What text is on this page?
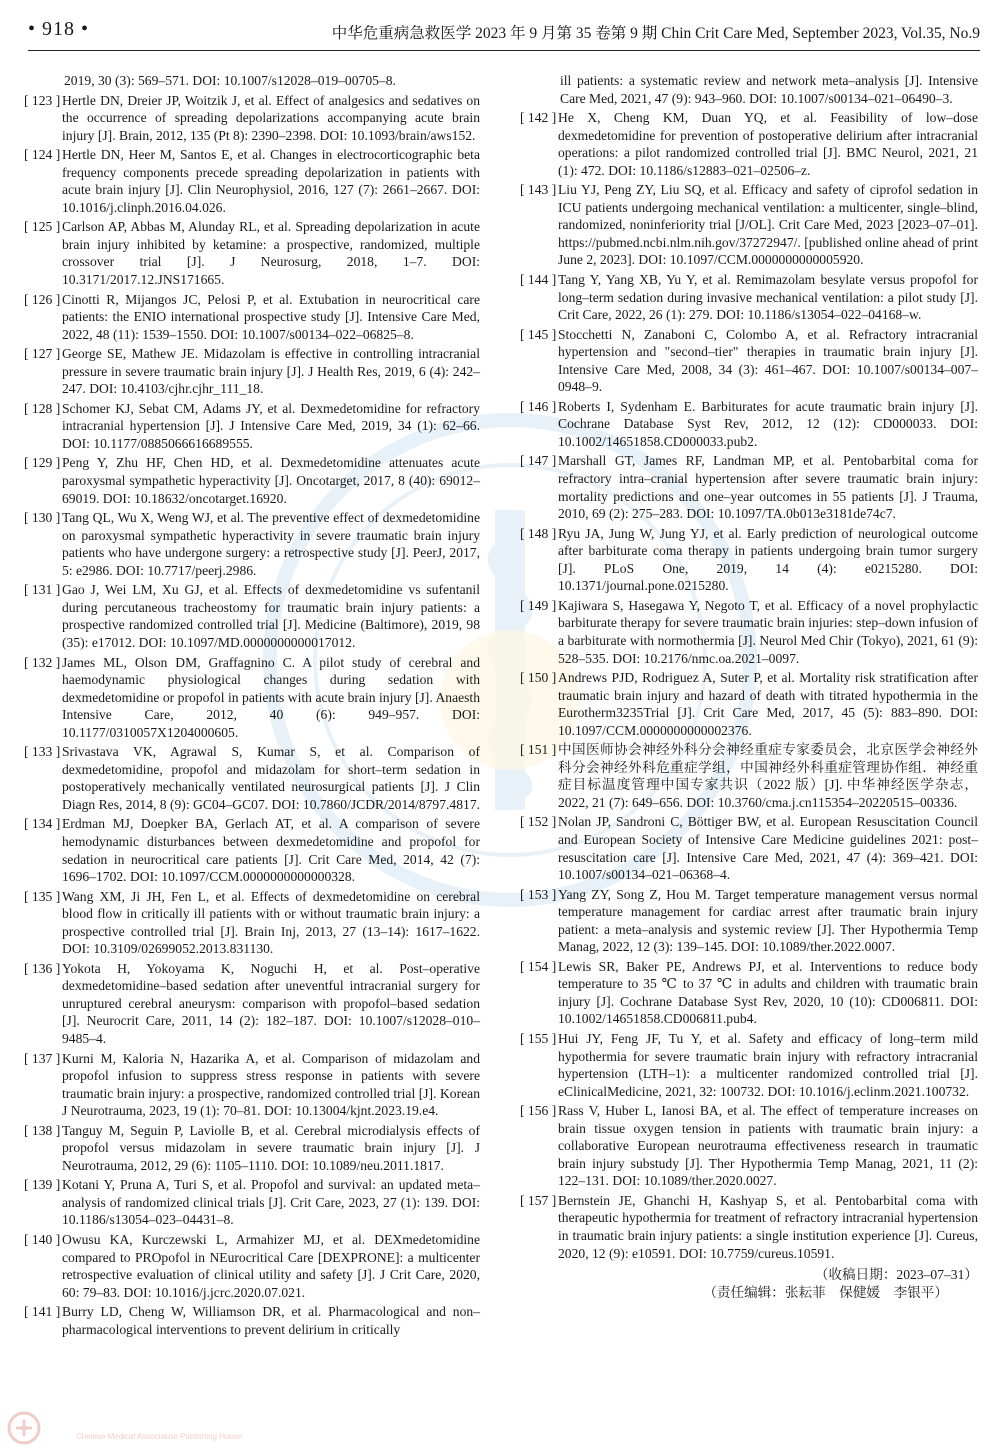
• 918 •	中华危重病急救医学 2023 年 9 月第 35 卷第 9 期 Chin Crit Care Med, September 2023, Vol.35, No.9
2019, 30 (3): 569–571. DOI: 10.1007/s12028–019–00705–8.
[ 123 ] Hertle DN, Dreier JP, Woitzik J, et al. Effect of analgesics and sedatives on the occurrence of spreading depolarizations accompanying acute brain injury [J]. Brain, 2012, 135 (Pt 8): 2390–2398. DOI: 10.1093/brain/aws152.
[ 124 ] Hertle DN, Heer M, Santos E, et al. Changes in electrocorticographic beta frequency components precede spreading depolarization in patients with acute brain injury [J]. Clin Neurophysiol, 2016, 127 (7): 2661–2667. DOI: 10.1016/j.clinph.2016.04.026.
[ 125 ] Carlson AP, Abbas M, Alunday RL, et al. Spreading depolarization in acute brain injury inhibited by ketamine: a prospective, randomized, multiple crossover trial [J]. J Neurosurg, 2018, 1–7. DOI: 10.3171/2017.12.JNS171665.
[ 126 ] Cinotti R, Mijangos JC, Pelosi P, et al. Extubation in neurocritical care patients: the ENIO international prospective study [J]. Intensive Care Med, 2022, 48 (11): 1539–1550. DOI: 10.1007/s00134–022–06825–8.
[ 127 ] George SE, Mathew JE. Midazolam is effective in controlling intracranial pressure in severe traumatic brain injury [J]. J Health Res, 2019, 6 (4): 242–247. DOI: 10.4103/cjhr.cjhr_111_18.
[ 128 ] Schomer KJ, Sebat CM, Adams JY, et al. Dexmedetomidine for refractory intracranial hypertension [J]. J Intensive Care Med, 2019, 34 (1): 62–66. DOI: 10.1177/0885066616689555.
[ 129 ] Peng Y, Zhu HF, Chen HD, et al. Dexmedetomidine attenuates acute paroxysmal sympathetic hyperactivity [J]. Oncotarget, 2017, 8 (40): 69012–69019. DOI: 10.18632/oncotarget.16920.
[ 130 ] Tang QL, Wu X, Weng WJ, et al. The preventive effect of dexmedetomidine on paroxysmal sympathetic hyperactivity in severe traumatic brain injury patients who have undergone surgery: a retrospective study [J]. PeerJ, 2017, 5: e2986. DOI: 10.7717/peerj.2986.
[ 131 ] Gao J, Wei LM, Xu GJ, et al. Effects of dexmedetomidine vs sufentanil during percutaneous tracheostomy for traumatic brain injury patients: a prospective randomized controlled trial [J]. Medicine (Baltimore), 2019, 98 (35): e17012. DOI: 10.1097/MD.0000000000017012.
[ 132 ] James ML, Olson DM, Graffagnino C. A pilot study of cerebral and haemodynamic physiological changes during sedation with dexmedetomidine or propofol in patients with acute brain injury [J]. Anaesth Intensive Care, 2012, 40 (6): 949–957. DOI: 10.1177/0310057X1204000605.
[ 133 ] Srivastava VK, Agrawal S, Kumar S, et al. Comparison of dexmedetomidine, propofol and midazolam for short–term sedation in postoperatively mechanically ventilated neurosurgical patients [J]. J Clin Diagn Res, 2014, 8 (9): GC04–GC07. DOI: 10.7860/JCDR/2014/8797.4817.
[ 134 ] Erdman MJ, Doepker BA, Gerlach AT, et al. A comparison of severe hemodynamic disturbances between dexmedetomidine and propofol for sedation in neurocritical care patients [J]. Crit Care Med, 2014, 42 (7): 1696–1702. DOI: 10.1097/CCM.0000000000000328.
[ 135 ] Wang XM, Ji JH, Fen L, et al. Effects of dexmedetomidine on cerebral blood flow in critically ill patients with or without traumatic brain injury: a prospective controlled trial [J]. Brain Inj, 2013, 27 (13–14): 1617–1622. DOI: 10.3109/02699052.2013.831130.
[ 136 ] Yokota H, Yokoyama K, Noguchi H, et al. Post–operative dexmedetomidine–based sedation after uneventful intracranial surgery for unruptured cerebral aneurysm: comparison with propofol–based sedation [J]. Neurocrit Care, 2011, 14 (2): 182–187. DOI: 10.1007/s12028–010–9485–4.
[ 137 ] Kurni M, Kaloria N, Hazarika A, et al. Comparison of midazolam and propofol infusion to suppress stress response in patients with severe traumatic brain injury: a prospective, randomized controlled trial [J]. Korean J Neurotrauma, 2023, 19 (1): 70–81. DOI: 10.13004/kjnt.2023.19.e4.
[ 138 ] Tanguy M, Seguin P, Laviolle B, et al. Cerebral microdialysis effects of propofol versus midazolam in severe traumatic brain injury [J]. J Neurotrauma, 2012, 29 (6): 1105–1110. DOI: 10.1089/neu.2011.1817.
[ 139 ] Kotani Y, Pruna A, Turi S, et al. Propofol and survival: an updated meta–analysis of randomized clinical trials [J]. Crit Care, 2023, 27 (1): 139. DOI: 10.1186/s13054–023–04431–8.
[ 140 ] Owusu KA, Kurczewski L, Armahizer MJ, et al. DEXmedetomidine compared to PROpofol in NEurocritical Care [DEXPRONE]: a multicenter retrospective evaluation of clinical utility and safety [J]. J Crit Care, 2020, 60: 79–83. DOI: 10.1016/j.jcrc.2020.07.021.
[ 141 ] Burry LD, Cheng W, Williamson DR, et al. Pharmacological and non–pharmacological interventions to prevent delirium in critically
ill patients: a systematic review and network meta–analysis [J]. Intensive Care Med, 2021, 47 (9): 943–960. DOI: 10.1007/s00134–021–06490–3.
[ 142 ] He X, Cheng KM, Duan YQ, et al. Feasibility of low–dose dexmedetomidine for prevention of postoperative delirium after intracranial operations: a pilot randomized controlled trial [J]. BMC Neurol, 2021, 21 (1): 472. DOI: 10.1186/s12883–021–02506–z.
[ 143 ] Liu YJ, Peng ZY, Liu SQ, et al. Efficacy and safety of ciprofol sedation in ICU patients undergoing mechanical ventilation: a multicenter, single–blind, randomized, noninferiority trial [J/OL]. Crit Care Med, 2023 [2023–07–01]. https://pubmed.ncbi.nlm.nih.gov/37272947/. [published online ahead of print June 2, 2023]. DOI: 10.1097/CCM.0000000000005920.
[ 144 ] Tang Y, Yang XB, Yu Y, et al. Remimazolam besylate versus propofol for long–term sedation during invasive mechanical ventilation: a pilot study [J]. Crit Care, 2022, 26 (1): 279. DOI: 10.1186/s13054–022–04168–w.
[ 145 ] Stocchetti N, Zanaboni C, Colombo A, et al. Refractory intracranial hypertension and "second–tier" therapies in traumatic brain injury [J]. Intensive Care Med, 2008, 34 (3): 461–467. DOI: 10.1007/s00134–007–0948–9.
[ 146 ] Roberts I, Sydenham E. Barbiturates for acute traumatic brain injury [J]. Cochrane Database Syst Rev, 2012, 12 (12): CD000033. DOI: 10.1002/14651858.CD000033.pub2.
[ 147 ] Marshall GT, James RF, Landman MP, et al. Pentobarbital coma for refractory intra–cranial hypertension after severe traumatic brain injury: mortality predictions and one–year outcomes in 55 patients [J]. J Trauma, 2010, 69 (2): 275–283. DOI: 10.1097/TA.0b013e3181de74c7.
[ 148 ] Ryu JA, Jung W, Jung YJ, et al. Early prediction of neurological outcome after barbiturate coma therapy in patients undergoing brain tumor surgery [J]. PLoS One, 2019, 14 (4): e0215280. DOI: 10.1371/journal.pone.0215280.
[ 149 ] Kajiwara S, Hasegawa Y, Negoto T, et al. Efficacy of a novel prophylactic barbiturate therapy for severe traumatic brain injuries: step–down infusion of a barbiturate with normothermia [J]. Neurol Med Chir (Tokyo), 2021, 61 (9): 528–535. DOI: 10.2176/nmc.oa.2021–0097.
[ 150 ] Andrews PJD, Rodriguez A, Suter P, et al. Mortality risk stratification after traumatic brain injury and hazard of death with titrated hypothermia in the Eurotherm3235Trial [J]. Crit Care Med, 2017, 45 (5): 883–890. DOI: 10.1097/CCM.0000000000002376.
[ 151 ] 中国医师协会神经外科分会神经重症专家委员会，北京医学会神经外科分会神经外科危重症学组，中国神经外科重症管理协作组．神经重症目标温度管理中国专家共识（2022 版）[J]. 中华神经医学杂志，2022, 21 (7): 649–656. DOI: 10.3760/cma.j.cn115354–20220515–00336.
[ 152 ] Nolan JP, Sandroni C, Böttiger BW, et al. European Resuscitation Council and European Society of Intensive Care Medicine guidelines 2021: post–resuscitation care [J]. Intensive Care Med, 2021, 47 (4): 369–421. DOI: 10.1007/s00134–021–06368–4.
[ 153 ] Yang ZY, Song Z, Hou M. Target temperature management versus normal temperature management for cardiac arrest after traumatic brain injury patient: a meta–analysis and systemic review [J]. Ther Hypothermia Temp Manag, 2022, 12 (3): 139–145. DOI: 10.1089/ther.2022.0007.
[ 154 ] Lewis SR, Baker PE, Andrews PJ, et al. Interventions to reduce body temperature to 35 ℃ to 37 ℃ in adults and children with traumatic brain injury [J]. Cochrane Database Syst Rev, 2020, 10 (10): CD006811. DOI: 10.1002/14651858.CD006811.pub4.
[ 155 ] Hui JY, Feng JF, Tu Y, et al. Safety and efficacy of long–term mild hypothermia for severe traumatic brain injury with refractory intracranial hypertension (LTH–1): a multicenter randomized controlled trial [J]. eClinicalMedicine, 2021, 32: 100732. DOI: 10.1016/j.eclinm.2021.100732.
[ 156 ] Rass V, Huber L, Ianosi BA, et al. The effect of temperature increases on brain tissue oxygen tension in patients with traumatic brain injury: a collaborative European neurotrauma effectiveness research in traumatic brain injury substudy [J]. Ther Hypothermia Temp Manag, 2021, 11 (2): 122–131. DOI: 10.1089/ther.2020.0027.
[ 157 ] Bernstein JE, Ghanchi H, Kashyap S, et al. Pentobarbital coma with therapeutic hypothermia for treatment of refractory intracranial hypertension in traumatic brain injury patients: a single institution experience [J]. Cureus, 2020, 12 (9): e10591. DOI: 10.7759/cureus.10591.
（收稿日期：2023–07–31）
（责任编辑：张耘菲　保健媛　李银平）
Chinese Medical Association Publishing House
